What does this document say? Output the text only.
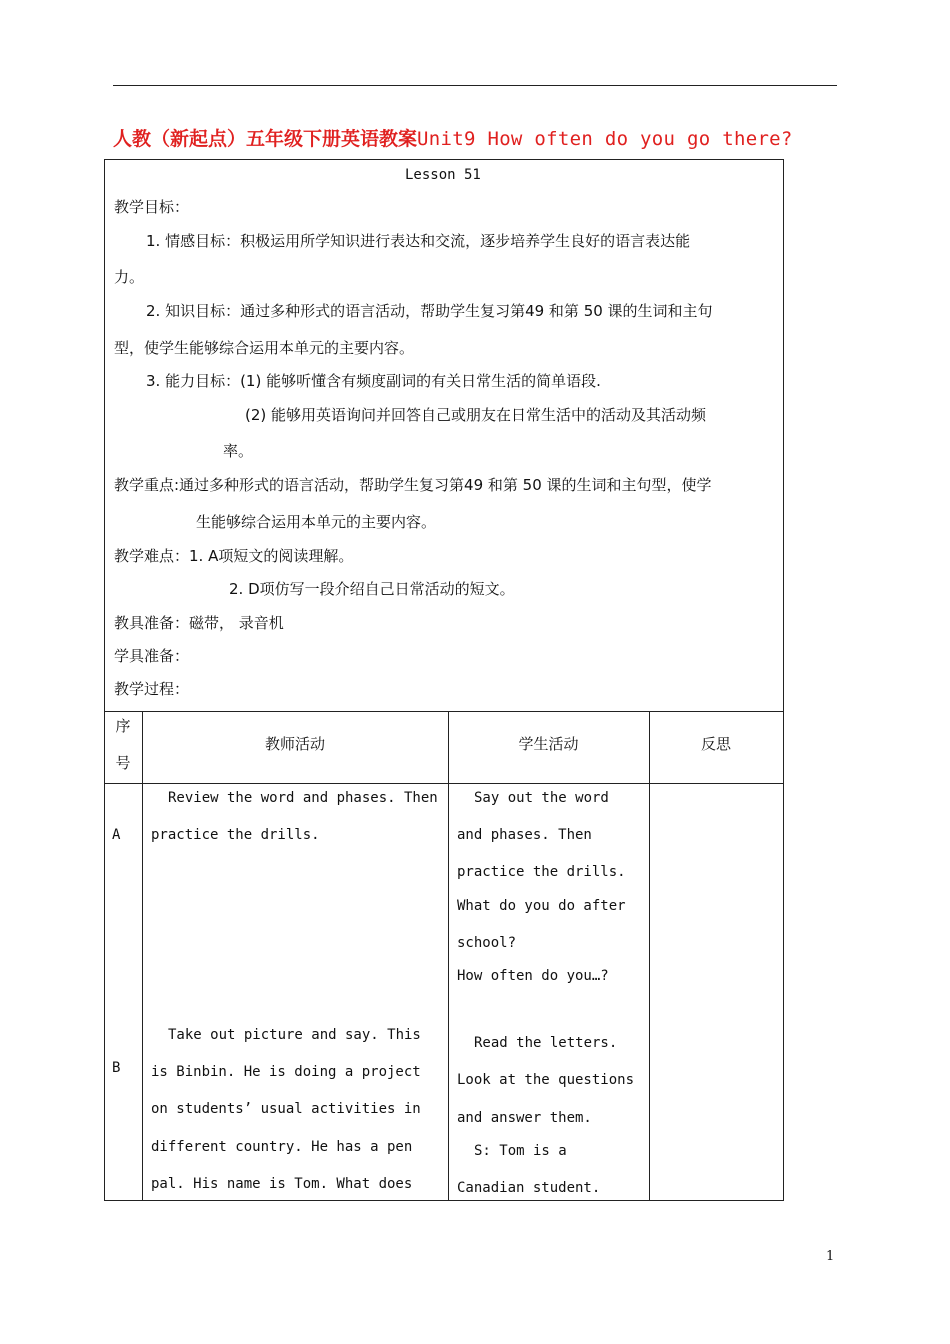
人教（新起点）五年级下册英语教案Unit9 How often do you go there?
Lesson 51
教学目标：
1. 情感目标：积极运用所学知识进行表达和交流，逐步培养学生良好的语言表达能
力。
2. 知识目标：通过多种形式的语言活动，帮助学生复习第49 和第 50 课的生词和主句
型，使学生能够综合运用本单元的主要内容。
3. 能力目标：(1) 能够听懂含有频度副词的有关日常生活的简单语段.
(2) 能够用英语询问并回答自己或朋友在日常生活中的活动及其活动频
率。
教学重点:通过多种形式的语言活动，帮助学生复习第49 和第 50 课的生词和主句型，使学
生能够综合运用本单元的主要内容。
教学难点：1. A项短文的阅读理解。
2. D项仿写一段介绍自己日常活动的短文。
教具准备：磁带， 录音机
学具准备：
教学过程：
序
号
教师活动	学生活动	反思
A
Review the word and phases. Then
practice the drills.
Say out the word
and phases. Then
practice the drills.
What do you do after
school?
How often do you…?
B
Take out picture and say. This
is Binbin. He is doing a project
on students’ usual activities in
different country. He has a pen
pal. His name is Tom. What does
Read the letters.
Look at the questions
and answer them.
S: Tom is a
Canadian student.
1
